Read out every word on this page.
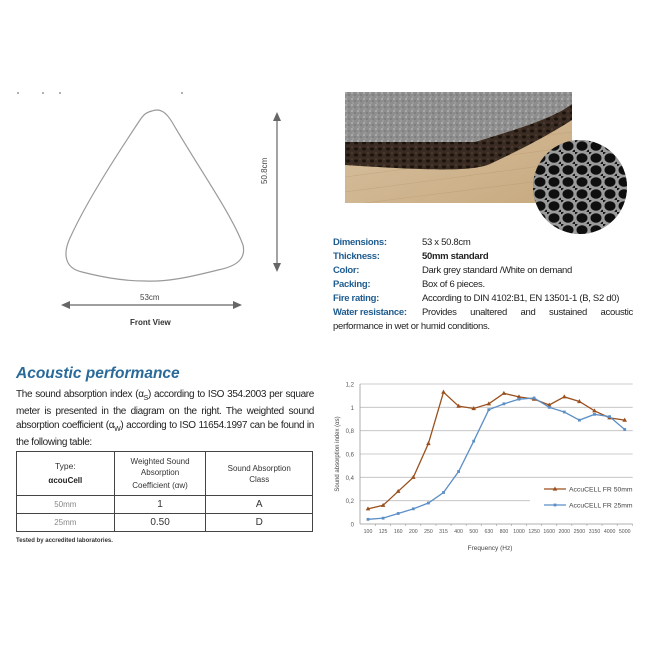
50.8cm
53cm
Front View
Dimensions:	53 x 50.8cm
Thickness:	50mm standard
Color:	Dark grey standard /White on demand
Packing:	Box of 6 pieces.
Fire rating:	According to DIN 4102:B1, EN 13501-1 (B, S2 d0)
Water resistance:	Provides unaltered and sustained acoustic
performance in wet or humid conditions.
Acoustic performance
The sound absorption index $(\alpha_S)$ according to ISO 354.2003 per square meter is presented in the diagram on the right. The weighted sound absorption coefficient $(\alpha_W)$ according to ISO 11654.1997 can be found in the following table:
Type:
αcouCell

Weighted Sound
Absorption
Coefficient (αw)

Sound Absorption
Class

50mm	1	A
25mm	0.50	D
Tested by accredited laboratories.
0
0,2
0,4
0,6
0,8
1
1,2
100 125 160 200 250 315 400 500 630 800 1000 1250 1600 2000 2500 3150 4000 5000
Frequency (Hz)
Sound absorption index (αs)	AccuCELL FR 50mm
AccuCELL FR 25mm
